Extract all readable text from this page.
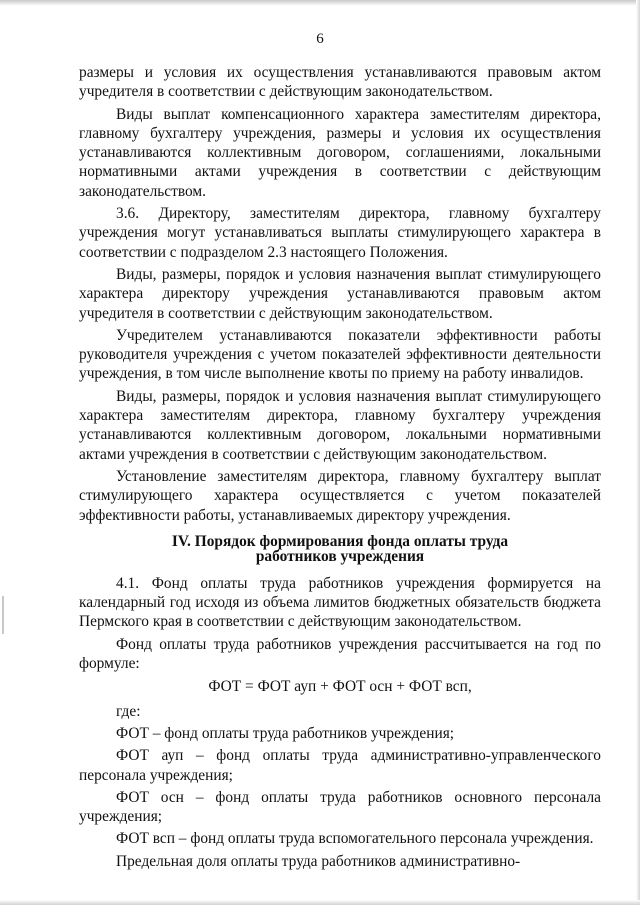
6

размеры и условия их осуществления устанавливаются правовым актом учредителя в соответствии с действующим законодательством.

Виды выплат компенсационного характера заместителям директора, главному бухгалтеру учреждения, размеры и условия их осуществления устанавливаются коллективным договором, соглашениями, локальными нормативными актами учреждения в соответствии с действующим законодательством.

3.6. Директору, заместителям директора, главному бухгалтеру учреждения могут устанавливаться выплаты стимулирующего характера в соответствии с подразделом 2.3 настоящего Положения.

Виды, размеры, порядок и условия назначения выплат стимулирующего характера директору учреждения устанавливаются правовым актом учредителя в соответствии с действующим законодательством.

Учредителем устанавливаются показатели эффективности работы руководителя учреждения с учетом показателей эффективности деятельности учреждения, в том числе выполнение квоты по приему на работу инвалидов.

Виды, размеры, порядок и условия назначения выплат стимулирующего характера заместителям директора, главному бухгалтеру учреждения устанавливаются коллективным договором, локальными нормативными актами учреждения в соответствии с действующим законодательством.

Установление заместителям директора, главному бухгалтеру выплат стимулирующего характера осуществляется с учетом показателей эффективности работы, устанавливаемых директору учреждения.

IV. Порядок формирования фонда оплаты труда
работников учреждения

4.1. Фонд оплаты труда работников учреждения формируется на календарный год исходя из объема лимитов бюджетных обязательств бюджета Пермского края в соответствии с действующим законодательством.

Фонд оплаты труда работников учреждения рассчитывается на год по формуле:

ФОТ = ФОТ ауп + ФОТ осн + ФОТ всп,
где:

ФОТ – фонд оплаты труда работников учреждения;

ФОТ ауп – фонд оплаты труда административно-управленческого персонала учреждения;

ФОТ осн – фонд оплаты труда работников основного персонала учреждения;

ФОТ всп – фонд оплаты труда вспомогательного персонала учреждения.

Предельная доля оплаты труда работников административно-
